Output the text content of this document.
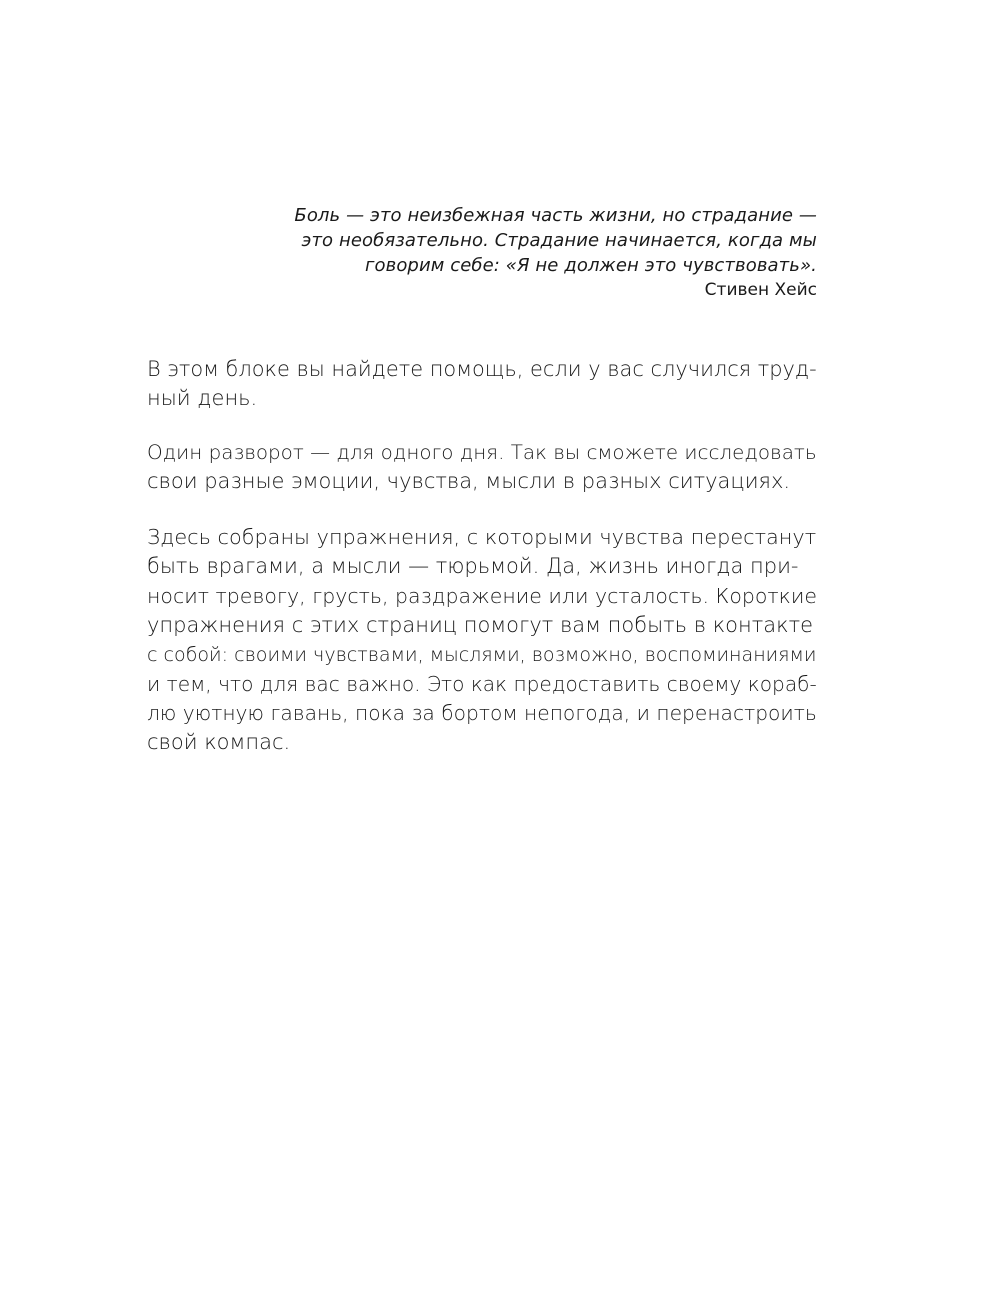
Боль — это неизбежная часть жизни, но страдание —
это необязательно. Страдание начинается, когда мы
говорим себе: «Я не должен это чувствовать».
Стивен Хейс

В этом блоке вы найдете помощь, если у вас случился труд-
ный день.

Один разворот — для одного дня. Так вы сможете исследовать
свои разные эмоции, чувства, мысли в разных ситуациях.

Здесь собраны упражнения, с которыми чувства перестанут
быть врагами, а мысли — тюрьмой. Да, жизнь иногда при-
носит тревогу, грусть, раздражение или усталость. Короткие
упражнения с этих страниц помогут вам побыть в контакте
с собой: своими чувствами, мыслями, возможно, воспоминаниями
и тем, что для вас важно. Это как предоставить своему кораб-
лю уютную гавань, пока за бортом непогода, и перенастроить
свой компас.
